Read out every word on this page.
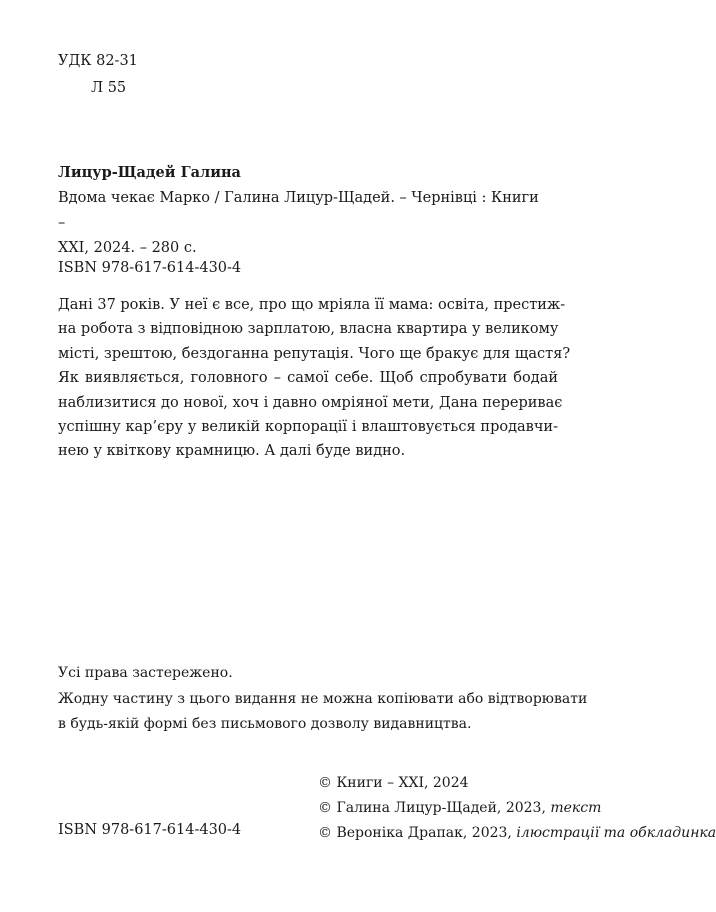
УДК 82-31
Л 55
Лицур-Щадей Галина
Вдома чекає Марко / Галина Лицур-Щадей. – Чернівці : Книги –
XXI, 2024. – 280 с.
ISBN 978-617-614-430-4
Дані 37 років. У неї є все, про що мріяла її мама: освіта, престиж-
на робота з відповідною зарплатою, власна квартира у великому
місті, зрештою, бездоганна репутація. Чого ще бракує для щастя?
Як виявляється, головного – самої себе. Щоб спробувати бодай
наблизитися до нової, хоч і давно омріяної мети, Дана перериває
успішну кар’єру у великій корпорації і влаштовується продавчи-
нею у квіткову крамницю. А далі буде видно.
Усі права застережено.
Жодну частину з цього видання не можна копіювати або відтворювати
в будь-якій формі без письмового дозволу видавництва.
© Книги – XXI, 2024
© Галина Лицур-Щадей, 2023, текст
© Вероніка Драпак, 2023, ілюстрації та обкладинка
ISBN 978-617-614-430-4
